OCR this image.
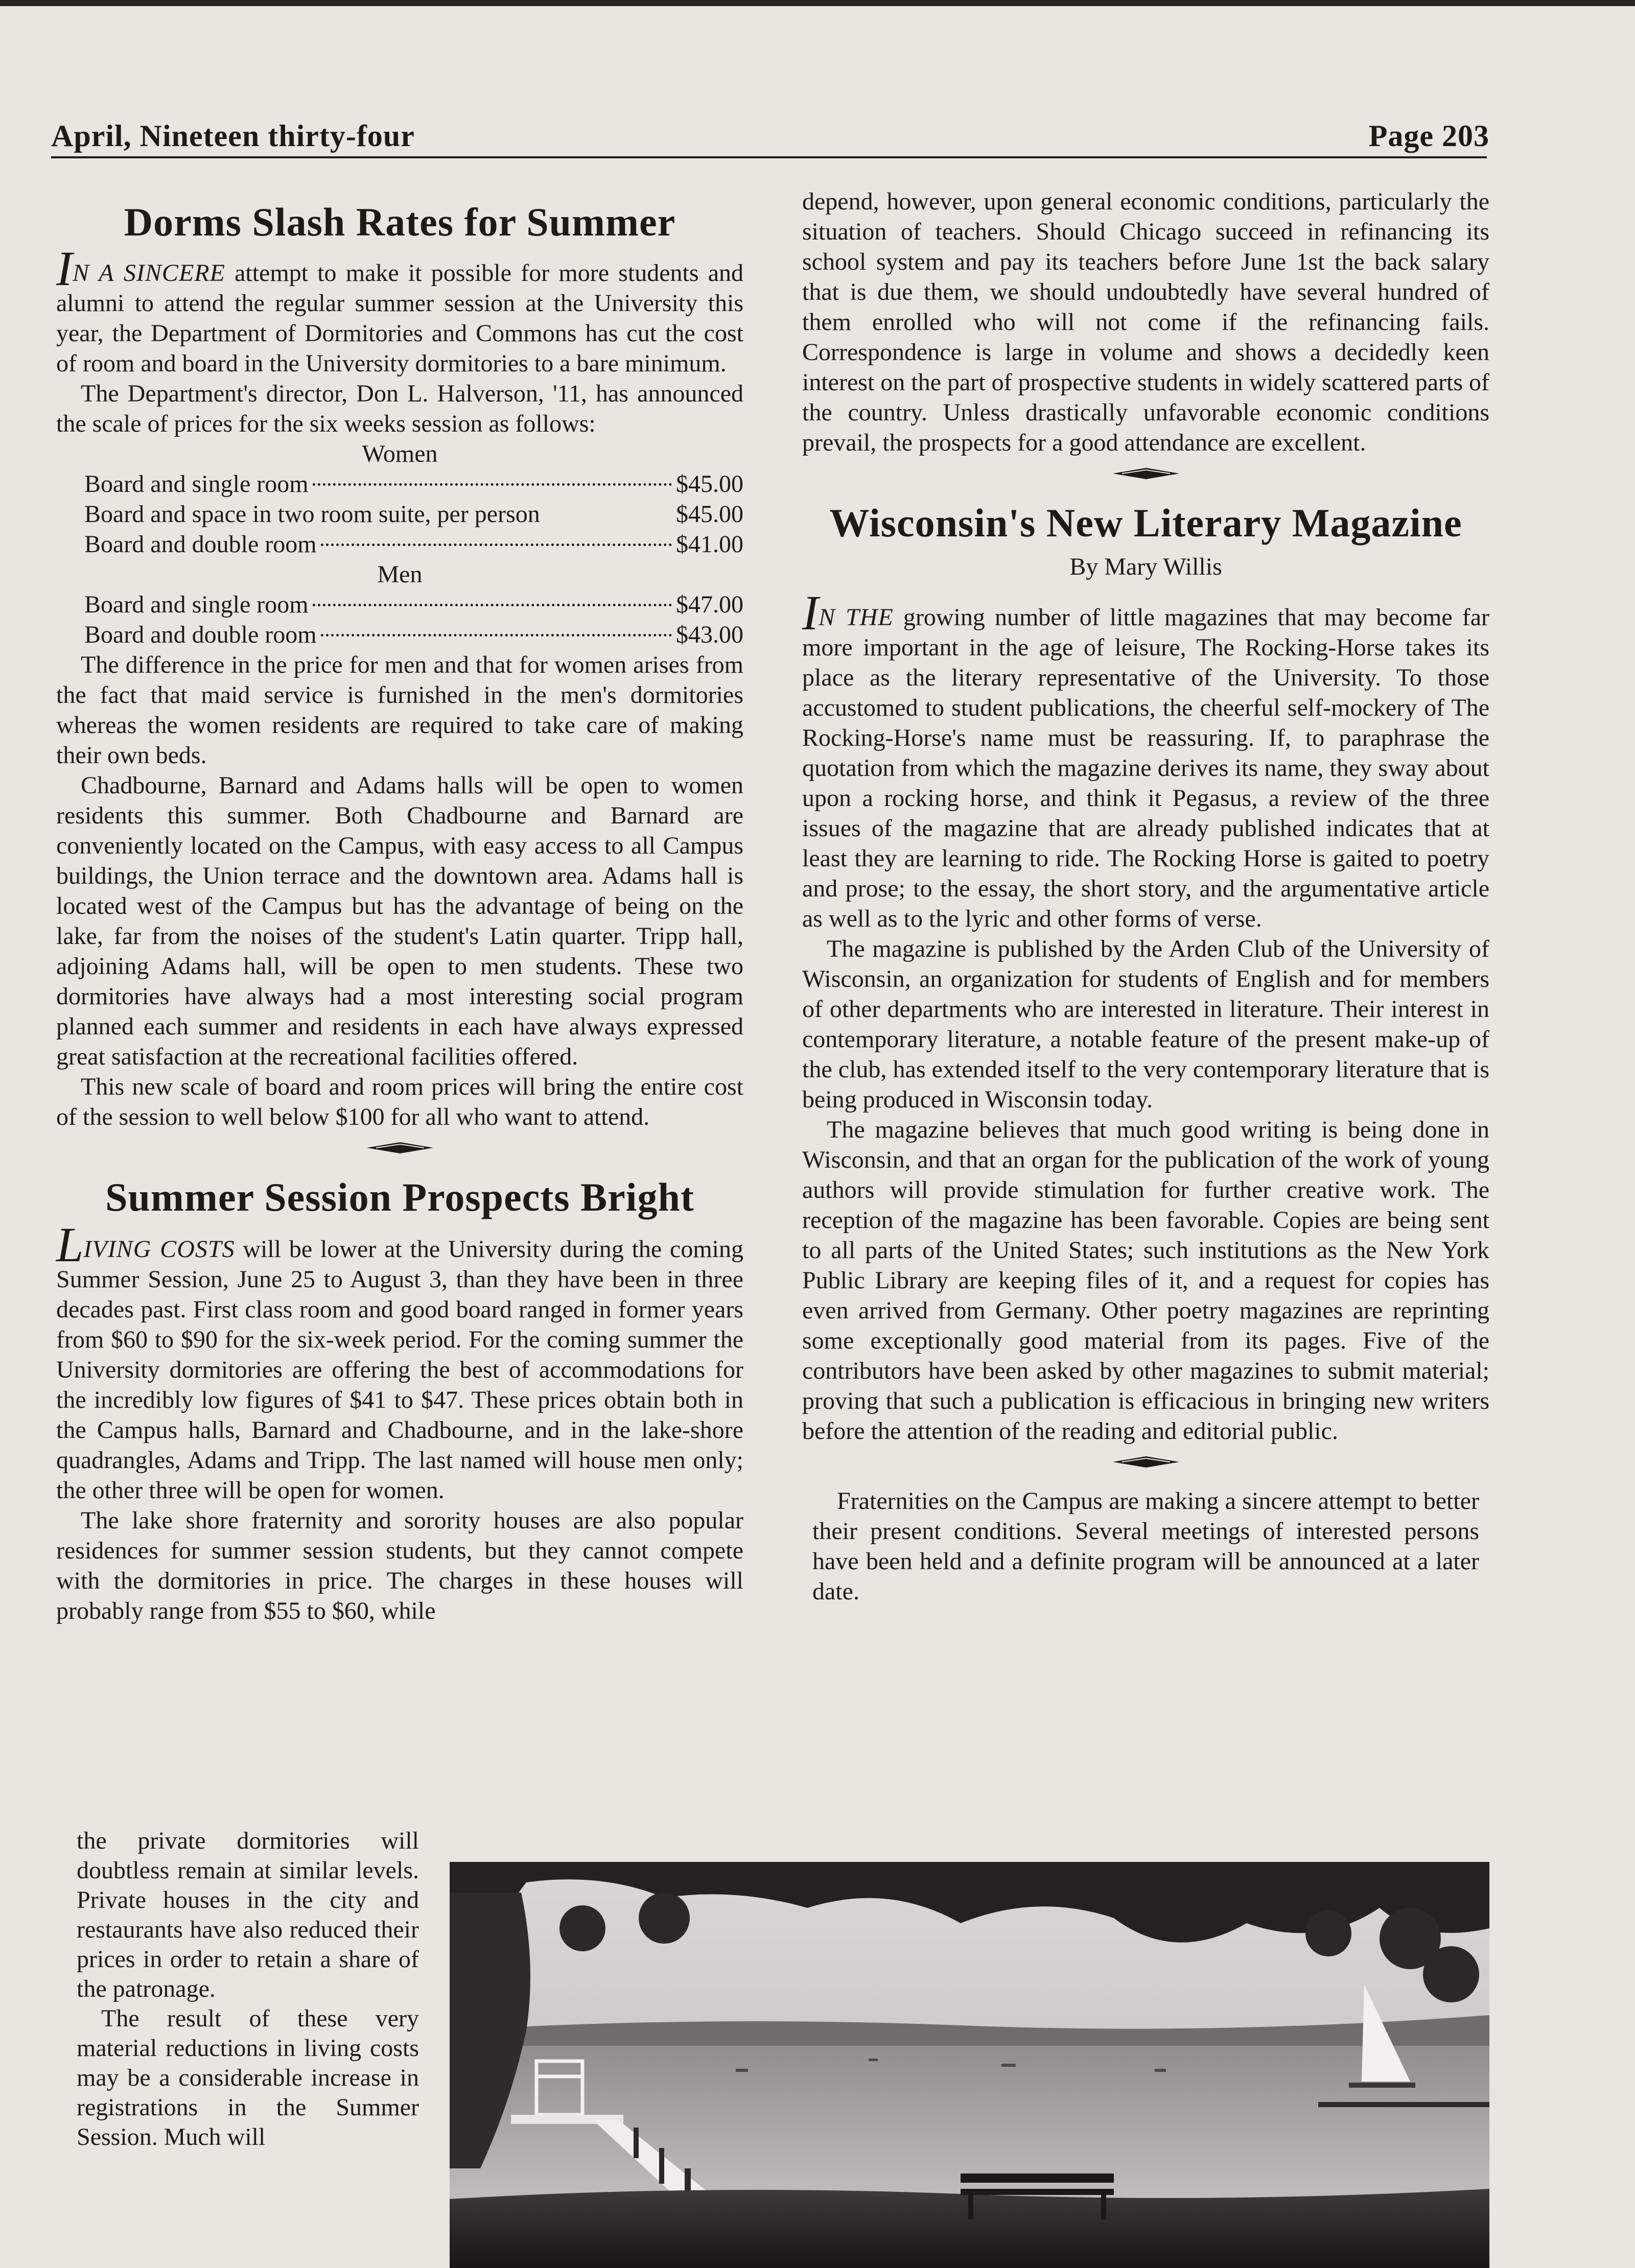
April, Nineteen thirty-four	Page 203
Dorms Slash Rates for Summer

IN A SINCERE attempt to make it possible for more students and alumni to attend the regular summer session at the University this year, the Department of Dormitories and Commons has cut the cost of room and board in the University dormitories to a bare minimum.

The Department's director, Don L. Halverson, '11, has announced the scale of prices for the six weeks session as follows:

Women
Board and single room	$45.00
Board and space in two room suite, per person	$45.00
Board and double room	$41.00
Men
Board and single room	$47.00
Board and double room	$43.00

The difference in the price for men and that for women arises from the fact that maid service is furnished in the men's dormitories whereas the women residents are required to take care of making their own beds.

Chadbourne, Barnard and Adams halls will be open to women residents this summer. Both Chadbourne and Barnard are conveniently located on the Campus, with easy access to all Campus buildings, the Union terrace and the downtown area. Adams hall is located west of the Campus but has the advantage of being on the lake, far from the noises of the student's Latin quarter. Tripp hall, adjoining Adams hall, will be open to men students. These two dormitories have always had a most interesting social program planned each summer and residents in each have always expressed great satisfaction at the recreational facilities offered.

This new scale of board and room prices will bring the entire cost of the session to well below $100 for all who want to attend.

Summer Session Prospects Bright

LIVING COSTS will be lower at the University during the coming Summer Session, June 25 to August 3, than they have been in three decades past. First class room and good board ranged in former years from $60 to $90 for the six-week period. For the coming summer the University dormitories are offering the best of accommodations for the incredibly low figures of $41 to $47. These prices obtain both in the Campus halls, Barnard and Chadbourne, and in the lake-shore quadrangles, Adams and Tripp. The last named will house men only; the other three will be open for women.

The lake shore fraternity and sorority houses are also popular residences for summer session students, but they cannot compete with the dormitories in price. The charges in these houses will probably range from $55 to $60, while

the private dormitories will doubtless remain at similar levels. Private houses in the city and restaurants have also reduced their prices in order to retain a share of the patronage.

The result of these very material reductions in living costs may be a considerable increase in registrations in the Summer Session. Much will

depend, however, upon general economic conditions, particularly the situation of teachers. Should Chicago succeed in refinancing its school system and pay its teachers before June 1st the back salary that is due them, we should undoubtedly have several hundred of them enrolled who will not come if the refinancing fails. Correspondence is large in volume and shows a decidedly keen interest on the part of prospective students in widely scattered parts of the country. Unless drastically unfavorable economic conditions prevail, the prospects for a good attendance are excellent.

Wisconsin's New Literary Magazine
By Mary Willis

IN THE growing number of little magazines that may become far more important in the age of leisure, The Rocking-Horse takes its place as the literary representative of the University. To those accustomed to student publications, the cheerful self-mockery of The Rocking-Horse's name must be reassuring. If, to paraphrase the quotation from which the magazine derives its name, they sway about upon a rocking horse, and think it Pegasus, a review of the three issues of the magazine that are already published indicates that at least they are learning to ride. The Rocking Horse is gaited to poetry and prose; to the essay, the short story, and the argumentative article as well as to the lyric and other forms of verse.

The magazine is published by the Arden Club of the University of Wisconsin, an organization for students of English and for members of other departments who are interested in literature. Their interest in contemporary literature, a notable feature of the present make-up of the club, has extended itself to the very contemporary literature that is being produced in Wisconsin today.

The magazine believes that much good writing is being done in Wisconsin, and that an organ for the publication of the work of young authors will provide stimulation for further creative work. The reception of the magazine has been favorable. Copies are being sent to all parts of the United States; such institutions as the New York Public Library are keeping files of it, and a request for copies has even arrived from Germany. Other poetry magazines are reprinting some exceptionally good material from its pages. Five of the contributors have been asked by other magazines to submit material; proving that such a publication is efficacious in bringing new writers before the attention of the reading and editorial public.

Fraternities on the Campus are making a sincere attempt to better their present conditions. Several meetings of interested persons have been held and a definite program will be announced at a later date.
